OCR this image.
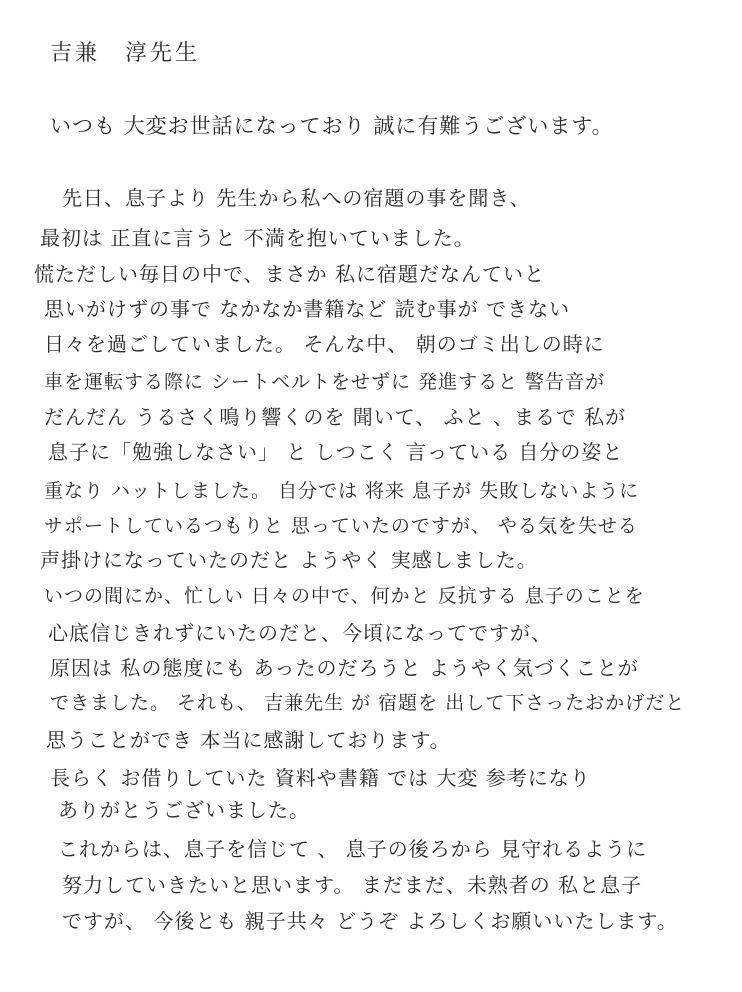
吉兼　淳先生
いつも 大変お世話になっており 誠に有難うございます。
先日、息子より 先生から私への宿題の事を聞き、
最初は 正直に言うと 不満を抱いていました。
慌ただしい毎日の中で、まさか 私に宿題だなんていと
思いがけずの事で なかなか書籍など 読む事が できない
日々を過ごしていました。 そんな中、 朝のゴミ出しの時に
車を運転する際に シートベルトをせずに 発進すると 警告音が
だんだん うるさく鳴り響くのを 聞いて、 ふと 、まるで 私が
息子に「勉強しなさい」 と しつこく 言っている 自分の姿と
重なり ハットしました。 自分では 将来 息子が 失敗しないように
サポートしているつもりと 思っていたのですが、 やる気を失せる
声掛けになっていたのだと ようやく 実感しました。
いつの間にか、忙しい 日々の中で、何かと 反抗する 息子のことを
心底信じきれずにいたのだと、今頃になってですが、
原因は 私の態度にも あったのだろうと ようやく気づくことが
できました。 それも、 吉兼先生 が 宿題を 出して下さったおかげだと
思うことができ 本当に感謝しております。
長らく お借りしていた 資料や書籍 では 大変 参考になり
ありがとうございました。
これからは、息子を信じて 、 息子の後ろから 見守れるように
努力していきたいと思います。 まだまだ、未熟者の 私と息子
ですが、 今後とも 親子共々 どうぞ よろしくお願いいたします。
